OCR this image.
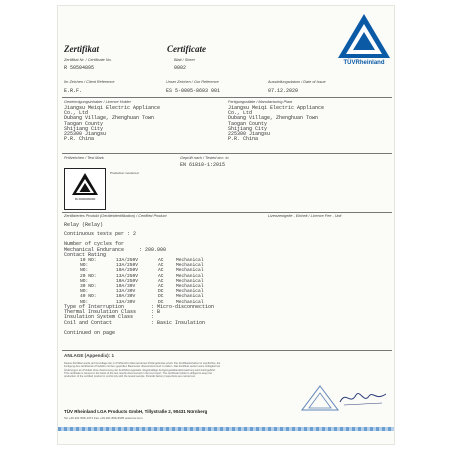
TÜVRheinland
Zertifikat	Certificate
Zertifikat Nr. / Certificate No.	Blatt / Sheet
R 50504895	0002
Ihr Zeichen / Client Reference	Unser Zeichen / Our Reference	Ausstellungsdatum / Date of Issue
E.R.F.	ES 5-0005-8603 001	07.12.2020
Genehmigungsinhaber / Licence Holder
Jiangsu Meiqi Electric Appliance
Co., Ltd
Dubang Village, Zhenghuan Town
Taogan County
Shijiang City
225300 Jiangsu
P.R. China
Fertigungsstätte / Manufacturing Plant
Jiangsu Meiqi Electric Appliance
Co., Ltd
Dubang Village, Zhenghuan Town
Taogan County
Shijiang City
225300 Jiangsu
P.R. China
Prüfzeichen / Test Mark	Geprüft nach / Tested acc. to
EN 61810-1:2015
ID 0000000000
Production monitored
Zertifiziertes Produkt (Geräteidentifikation) / Certified Product	Lizenzentgelte - Einheit / Licence Fee - Unit
Relay (Relay)
Continuous tests per : 2

Number of cycles for
Mechanical Endurance     : 200.000
Contact Rating
10 NO:	13A/250V	AC	Mechanical
NO:	13A/250V	AC	Mechanical
NO:	10A/250V	AC	Mechanical
20 NO:	13A/250V	AC	Mechanical
NO:	10A/250V	AC	Mechanical
30 NO:	10A/30V	AC	Mechanical
NO:	13A/30V	DC	Mechanical
40 NO:	10A/30V	DC	Mechanical
NO:	13A/30V	DC	Mechanical
Type of Interruption         : Micro-disconnection
Thermal Insulation Class     : B
Insulation System Class      :
Coil and Contact             : Basic Insulation

Continued on page
ANLAGE (Appendix): 1
Dieses Zertifikat wurde auf Grundlage der im Prüfbericht dokumentierten Prüfergebnisse erteilt. Der Zertifikatsinhaber ist verpflichtet, die
Fertigung des zertifizierten Produkts mit dem geprüften Baumuster übereinstimmend zu halten. Das Zertifikat verliert seine Gültigkeit bei
Änderungen am Produkt ohne Zustimmung der Zertifizierungsstelle. Regelmäßige Fertigungsstättenüberwachung wird durchgeführt.
This certificate is issued on the basis of the test results documented in the test report. The certificate holder is obliged to keep the
production of the certified product in conformity with the tested sample. Periodic factory inspections are carried out.
TÜV Rheinland LGA Products GmbH, Tillystraße 2, 90431 Nürnberg
Tel +49 221 806-1371 Fax +49 221 806-3935 www.tuv.com
